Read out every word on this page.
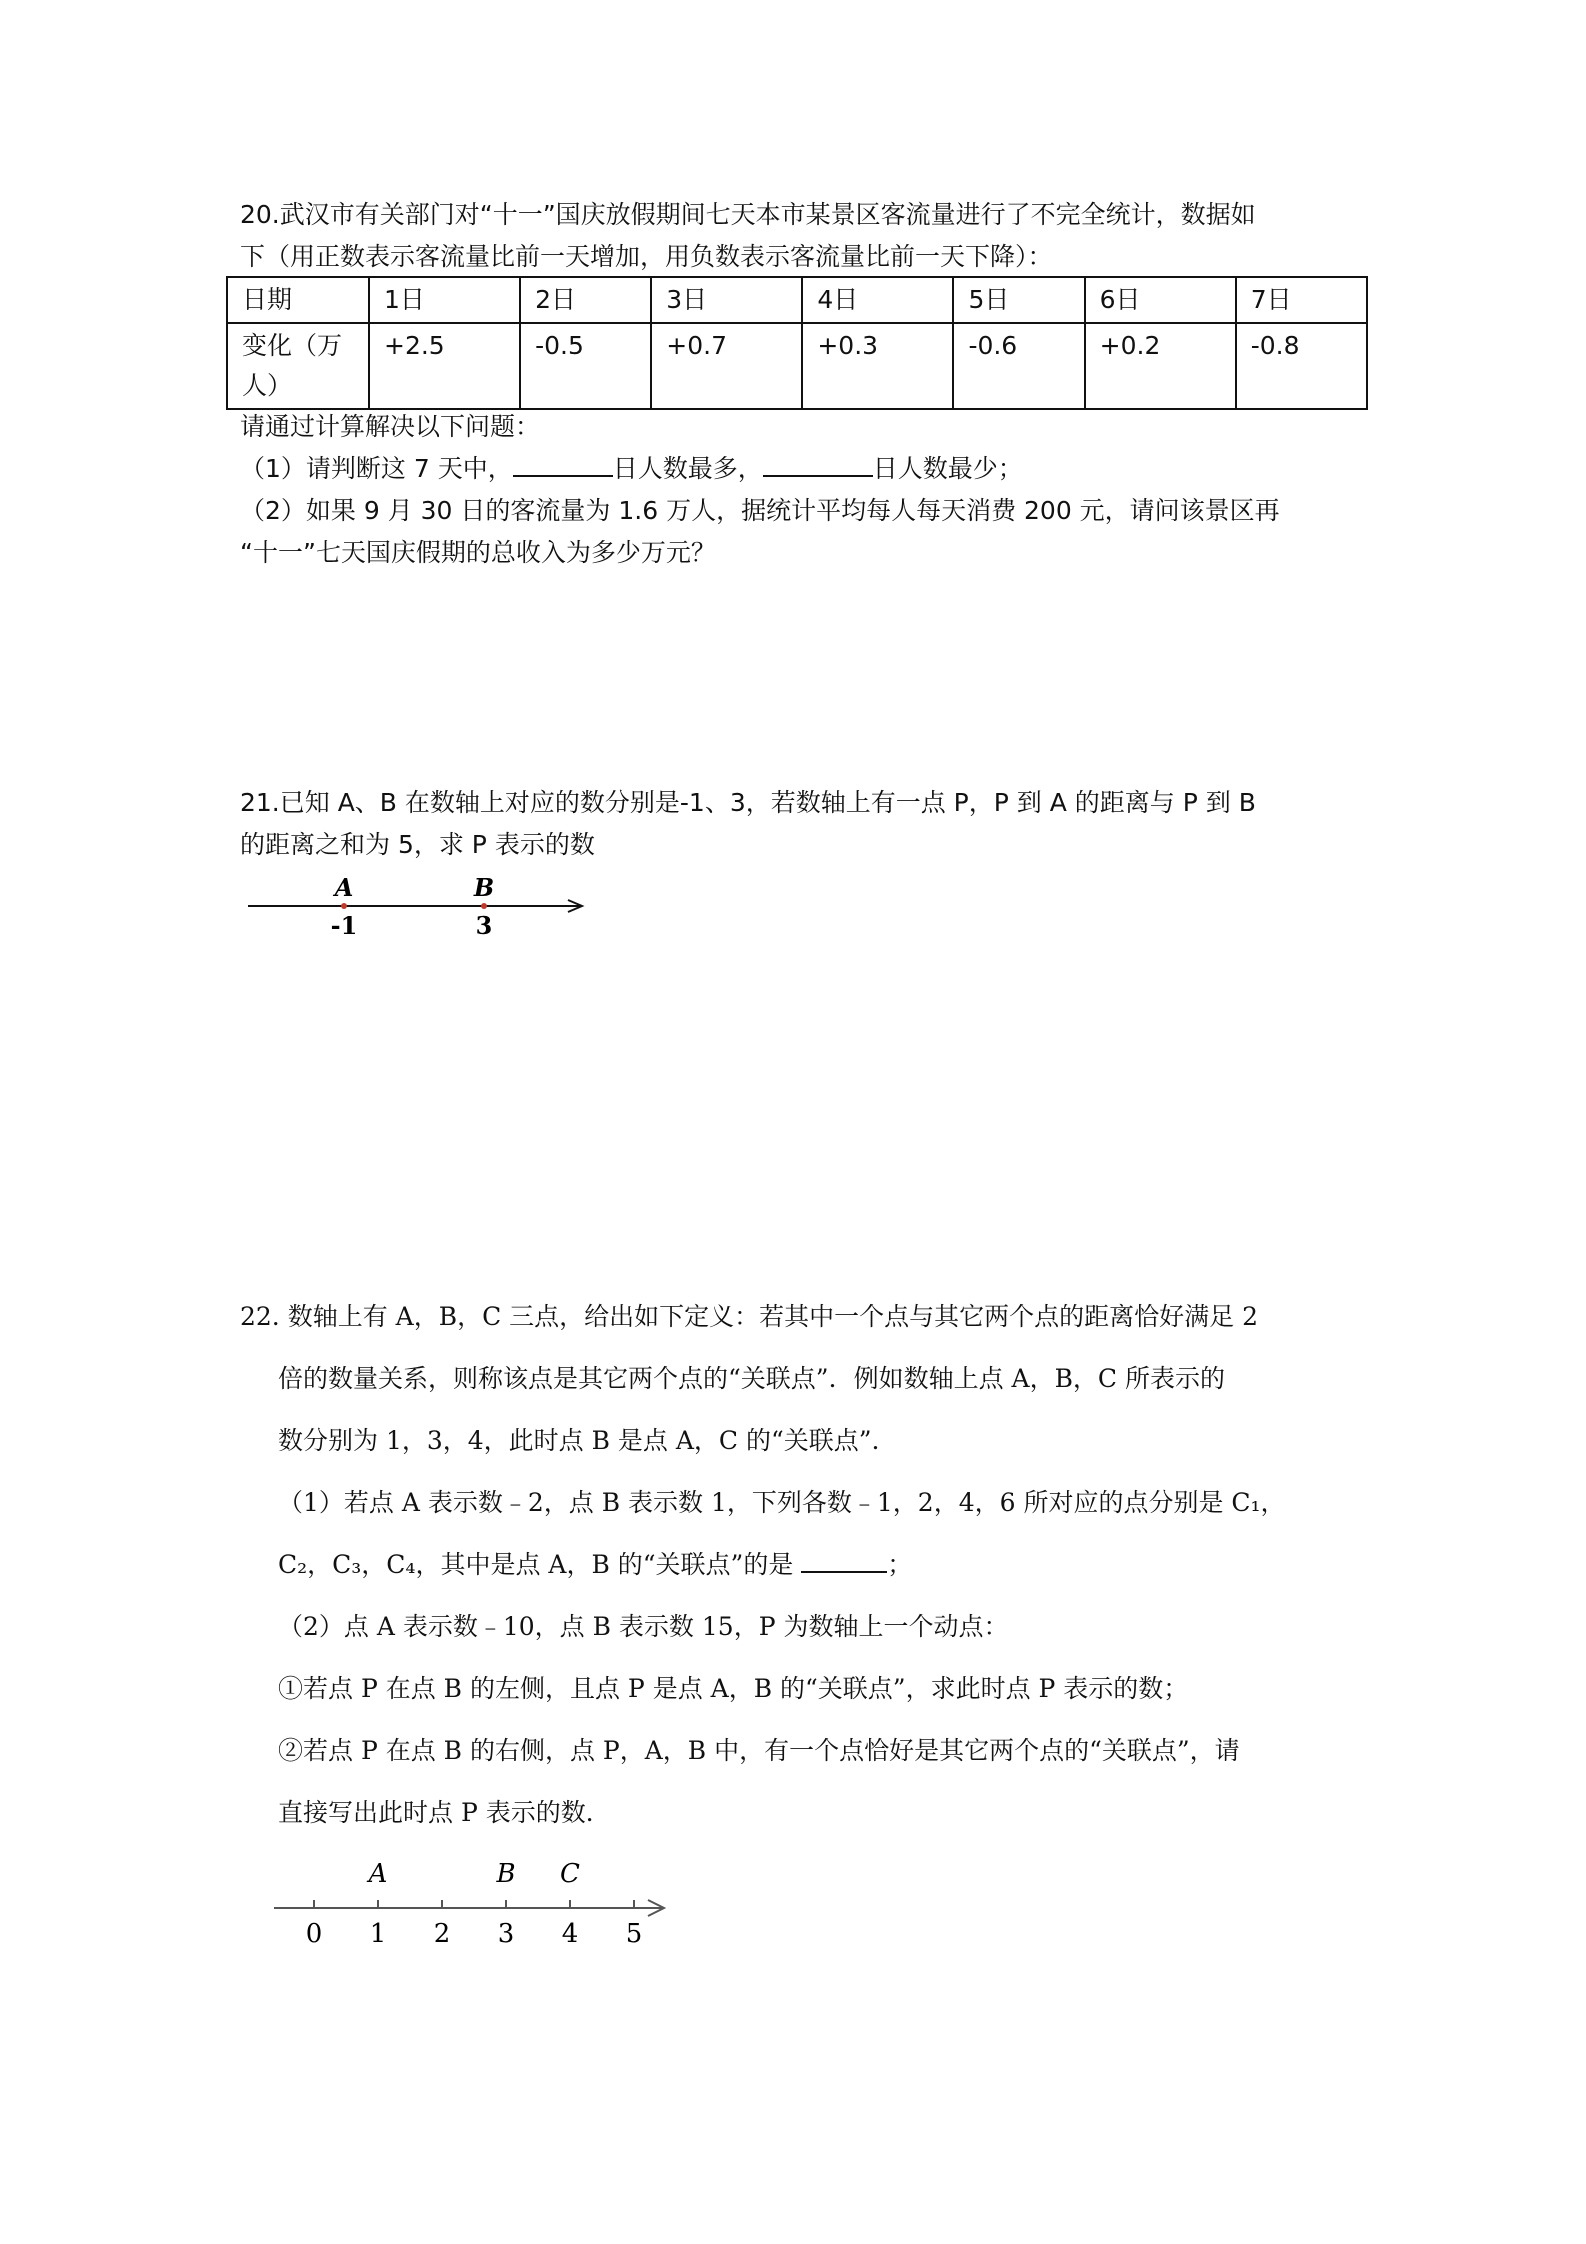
20.武汉市有关部门对“十一”国庆放假期间七天本市某景区客流量进行了不完全统计，数据如
下（用正数表示客流量比前一天增加，用负数表示客流量比前一天下降）：
日期	1日	2日	3日	4日	5日	6日	7日
变化（万人）	+2.5	-0.5	+0.7	+0.3	-0.6	+0.2	-0.8
请通过计算解决以下问题：
（1）请判断这 7 天中，	日人数最多，	日人数最少；
（2）如果 9 月 30 日的客流量为 1.6 万人，据统计平均每人每天消费 200 元，请问该景区再
“十一”七天国庆假期的总收入为多少万元？
21.已知 A、B 在数轴上对应的数分别是-1、3，若数轴上有一点 P，P 到 A 的距离与 P 到 B
的距离之和为 5，求 P 表示的数
A	B
-1	3
22. 数轴上有 A，B，C 三点，给出如下定义：若其中一个点与其它两个点的距离恰好满足 2
倍的数量关系，则称该点是其它两个点的“关联点”．例如数轴上点 A，B，C 所表示的
数分别为 1，3，4，此时点 B 是点 A，C 的“关联点”．
（1）若点 A 表示数﹣2，点 B 表示数 1，下列各数﹣1，2，4，6 所对应的点分别是 C₁，
C₂，C₃，C₄，其中是点 A，B 的“关联点”的是	；
（2）点 A 表示数﹣10，点 B 表示数 15，P 为数轴上一个动点：
①若点 P 在点 B 的左侧，且点 P 是点 A，B 的“关联点”，求此时点 P 表示的数；
②若点 P 在点 B 的右侧，点 P，A，B 中，有一个点恰好是其它两个点的“关联点”，请
直接写出此时点 P 表示的数．
0 1 2 3 4 5
A	B C
